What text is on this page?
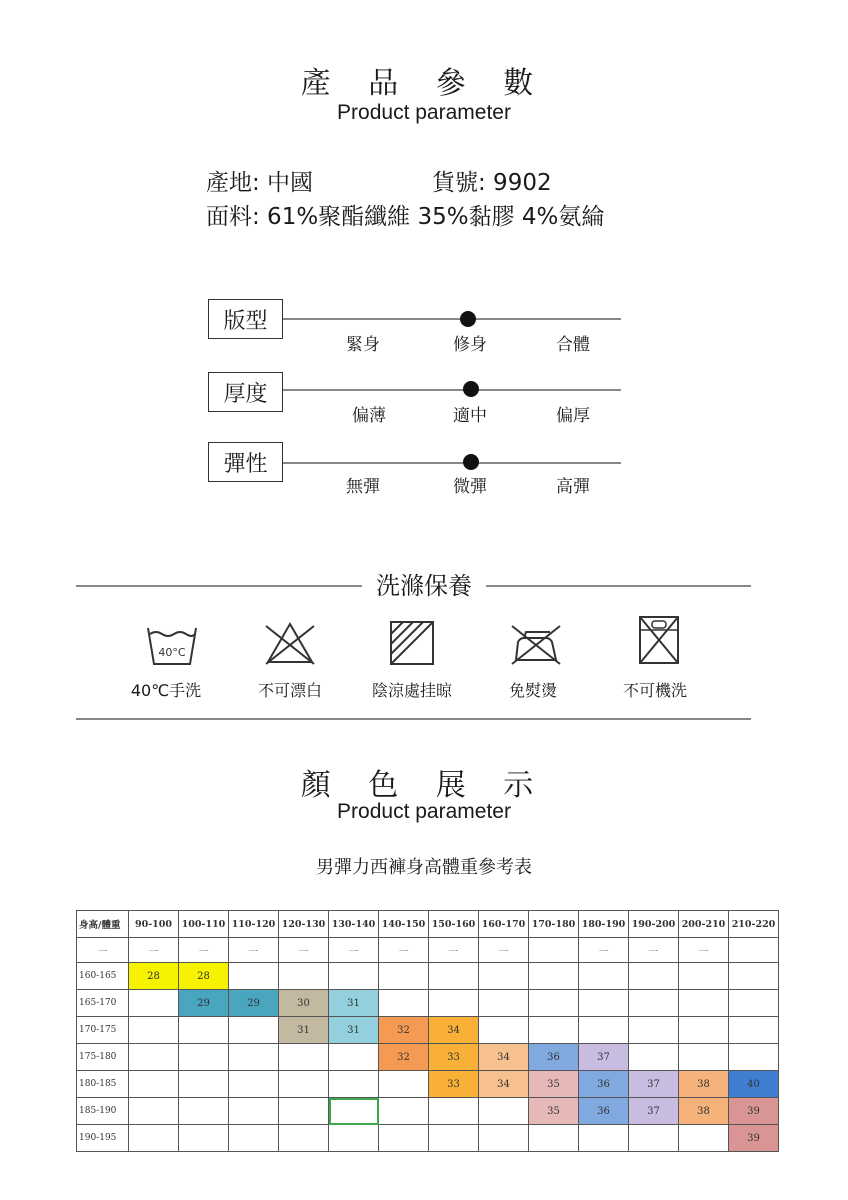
產 品 參 數
Product parameter
產地: 中國	貨號: 9902
面料: 61%聚酯纖維 35%黏膠 4%氨綸
版型
緊身	修身	合體
厚度
偏薄	適中	偏厚
彈性
無彈	微彈	高彈
洗滌保養
40°C
40℃手洗	不可漂白	陰涼處挂晾	免熨燙	不可機洗
顏 色 展 示
Product parameter
男彈力西褲身高體重參考表
身高/體重	90-100	100-110	110-120	120-130	130-140	140-150	150-160	160-170	170-180	180-190	190-200	200-210	210-220
一	一	一	一	一	一	一	一	一		一	一	一	
160-165	28	28											
165-170		29	29	30	31								
170-175				31	31	32	34						
175-180						32	33	34	36	37			
180-185							33	34	35	36	37	38	40
185-190									35	36	37	38	39
190-195													39
